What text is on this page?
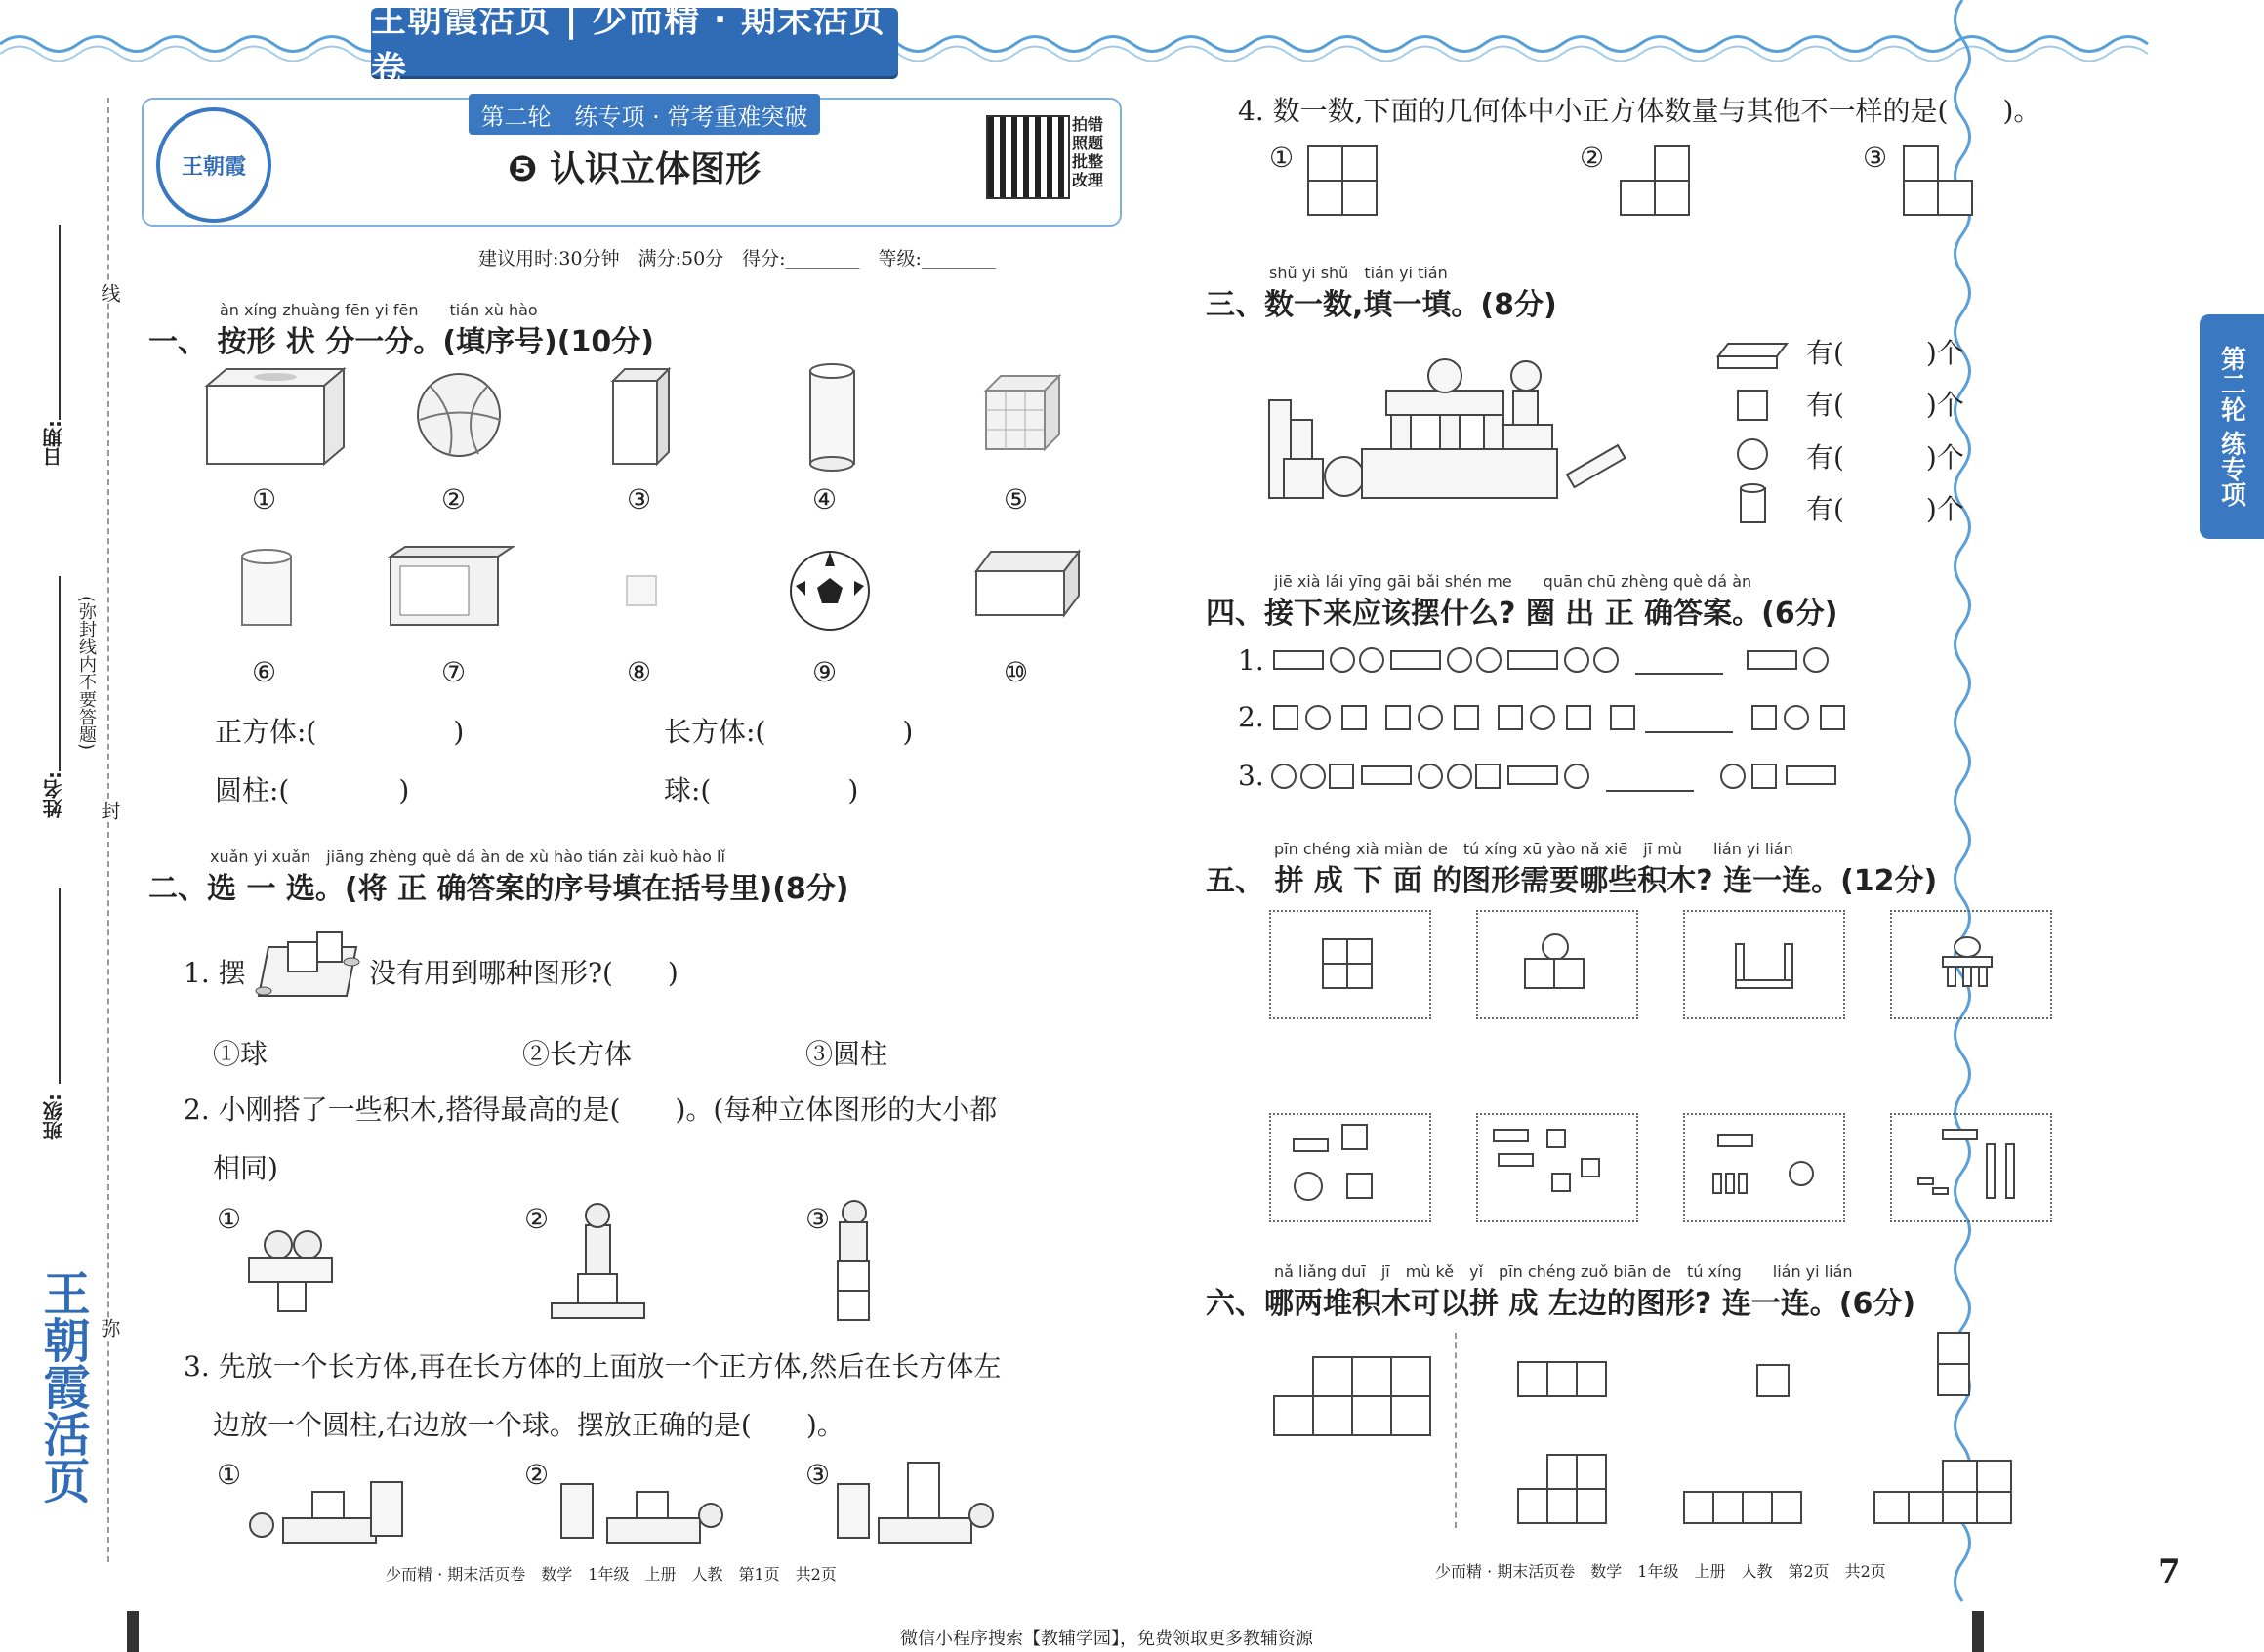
线
封
弥
日期:
姓名:
班级:
(弥封线内不要答题)
王朝霞活页
王朝霞活页 | 少而精 · 期末活页卷
第二轮　练专项 · 常考重难突破
王朝霞	❺ 认识立体图形
拍错照题批整改理
建议用时:30分钟　满分:50分　得分:________　等级:________
àn xíng zhuàng fēn yi fēn　　tián xù hào
一、 按形 状 分一分。(填序号)(10分)
①	②	③	④	⑤
⑥	⑦	⑧	⑨	⑩
正方体:(　　　　　)	长方体:(　　　　　)
圆柱:(　　　　)	球:(　　　　　)
xuǎn yi xuǎn　jiāng zhèng què dá àn de xù hào tián zài kuò hào lǐ
二、选 一 选。(将 正 确答案的序号填在括号里)(8分)
1. 摆	没有用到哪种图形?(　　)
①球	②长方体	③圆柱
2. 小刚搭了一些积木,搭得最高的是(　　)。(每种立体图形的大小都
相同)
①	②	③
3. 先放一个长方体,再在长方体的上面放一个正方体,然后在长方体左
边放一个圆柱,右边放一个球。摆放正确的是(　　)。
①	②	③
少而精 · 期末活页卷　数学　1年级　上册　人教　第1页　共2页
4. 数一数,下面的几何体中小正方体数量与其他不一样的是(　　)。
①	②	③
shǔ yi shǔ　tián yi tián
三、数一数,填一填。(8分)
有(　　　)个
有(　　　)个
有(　　　)个
有(　　　)个
jiē xià lái yīng gāi bǎi shén me　　quān chū zhèng què dá àn
四、接下来应该摆什么? 圈 出 正 确答案。(6分)
1.
2.
3.
pīn chéng xià miàn de　tú xíng xū yào nǎ xiē　jī mù　　lián yi lián
五、 拼 成 下 面 的图形需要哪些积木? 连一连。(12分)
nǎ liǎng duī　jī　mù kě　yǐ　pīn chéng zuǒ biān de　tú xíng　　lián yi lián
六、哪两堆积木可以拼 成 左边的图形? 连一连。(6分)
少而精 · 期末活页卷　数学　1年级　上册　人教　第2页　共2页	7
第二轮 练专项
微信小程序搜索【教辅学园】，免费领取更多教辅资源
